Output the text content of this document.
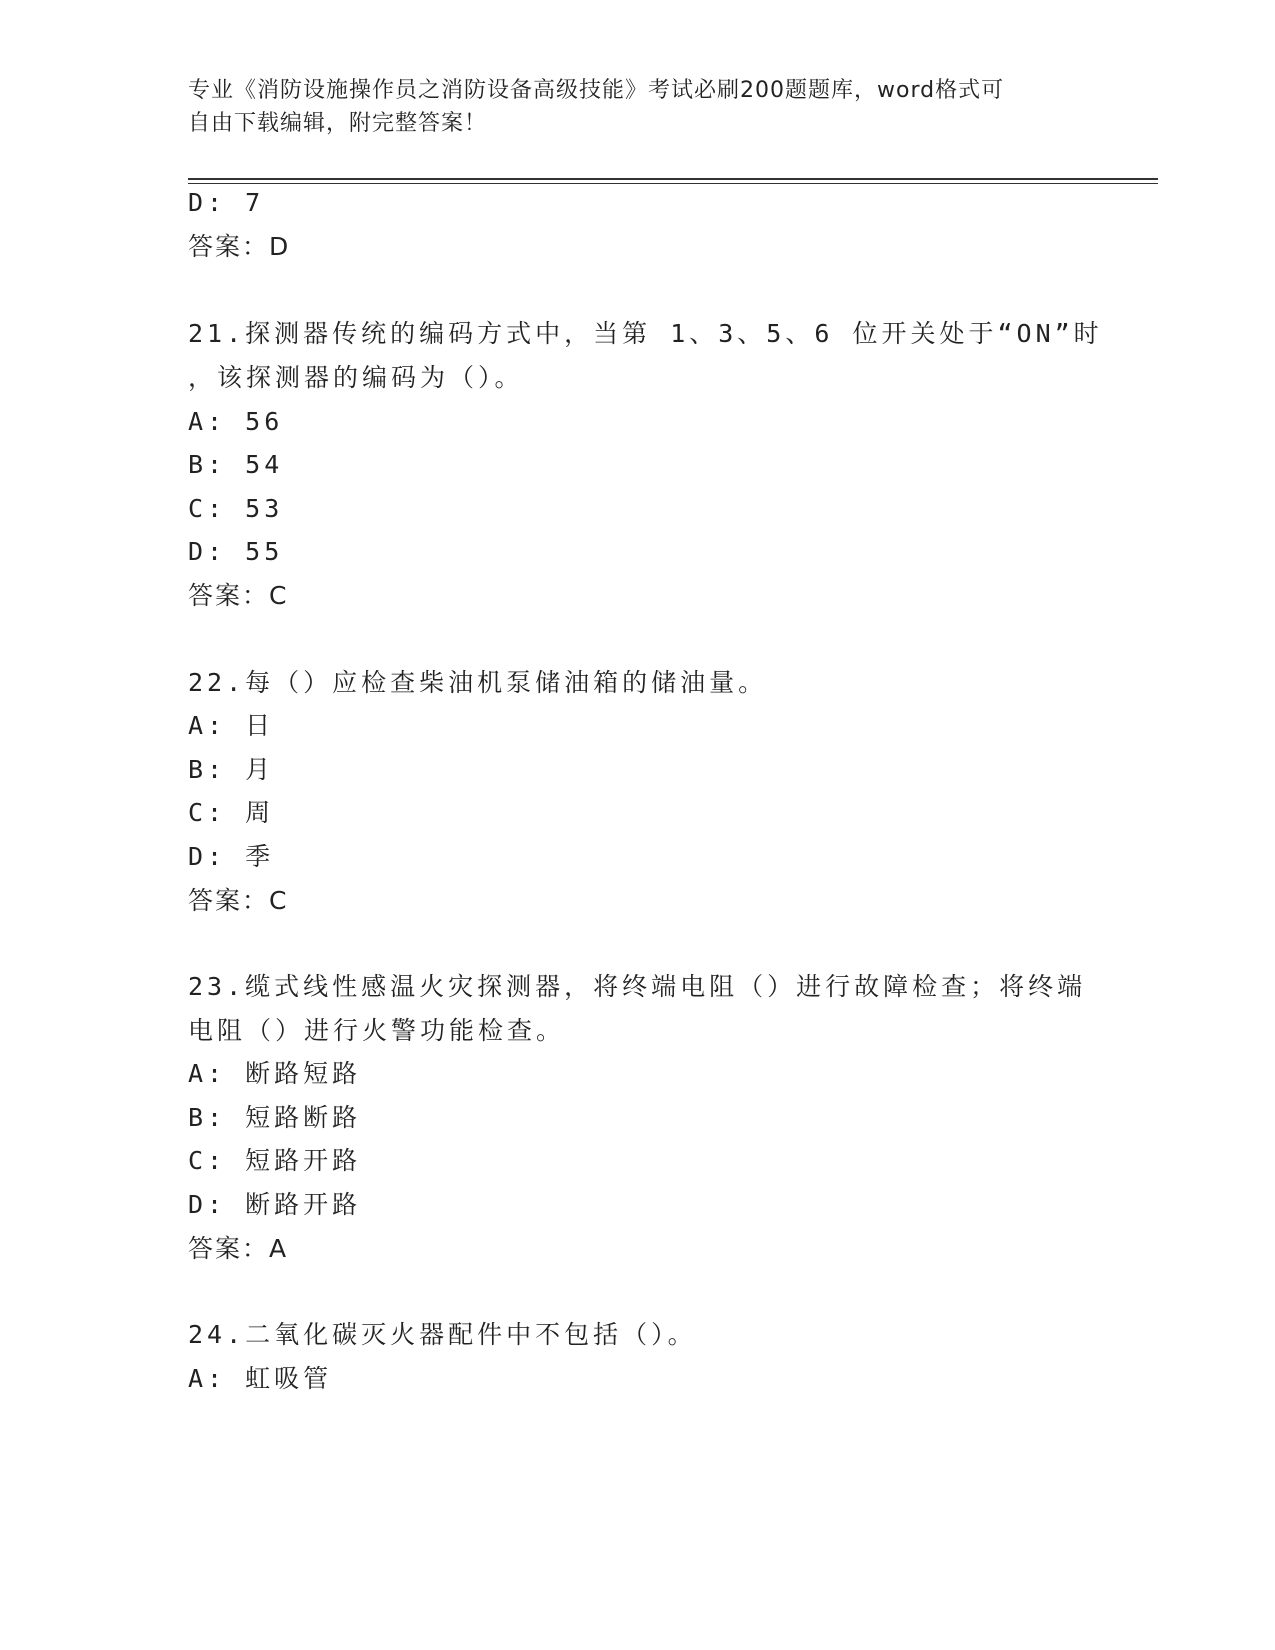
专业《消防设施操作员之消防设备高级技能》考试必刷200题题库，word格式可
自由下载编辑，附完整答案！
D: 7
答案：D
21.探测器传统的编码方式中，当第 1、3、5、6 位开关处于“ON”时
，该探测器的编码为（）。
A: 56
B: 54
C: 53
D: 55
答案：C
22.每（）应检查柴油机泵储油箱的储油量。
A: 日
B: 月
C: 周
D: 季
答案：C
23.缆式线性感温火灾探测器，将终端电阻（）进行故障检查；将终端
电阻（）进行火警功能检查。
A: 断路短路
B: 短路断路
C: 短路开路
D: 断路开路
答案：A
24.二氧化碳灭火器配件中不包括（）。
A: 虹吸管
